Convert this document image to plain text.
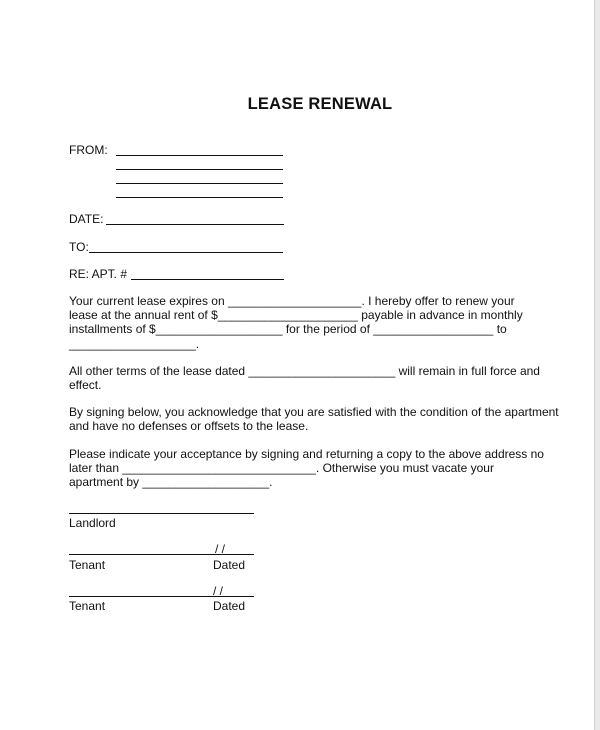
LEASE RENEWAL
FROM:
DATE:
TO:
RE: APT. #

Your current lease expires on ____________________. I hereby offer to renew your

lease at the annual rent of $_____________________ payable in advance in monthly

installments of $___________________ for the period of __________________ to

___________________.

All other terms of the lease dated ______________________ will remain in full force and

effect.

By signing below, you acknowledge that you are satisfied with the condition of the apartment

and have no defenses or offsets to the lease.

Please indicate your acceptance by signing and returning a copy to the above address no

later than _____________________________. Otherwise you must vacate your

apartment by ___________________.

Landlord
/ /
Tenant	Dated
/ /
Tenant	Dated
